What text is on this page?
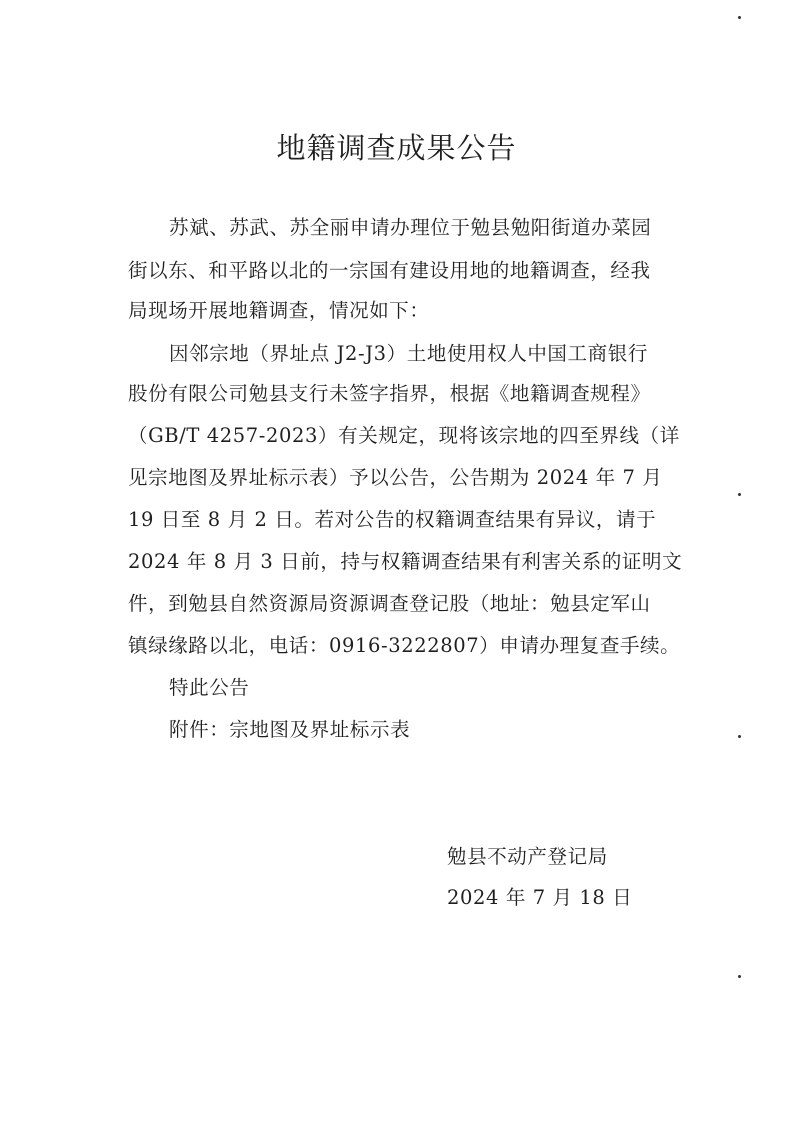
地籍调查成果公告
苏斌、苏武、苏全丽申请办理位于勉县勉阳街道办菜园
街以东、和平路以北的一宗国有建设用地的地籍调查，经我
局现场开展地籍调查，情况如下：
因邻宗地（界址点 J2-J3）土地使用权人中国工商银行
股份有限公司勉县支行未签字指界，根据《地籍调查规程》
（GB/T 4257-2023）有关规定，现将该宗地的四至界线（详
见宗地图及界址标示表）予以公告，公告期为 2024 年 7 月
19 日至 8 月 2 日。若对公告的权籍调查结果有异议，请于
2024 年 8 月 3 日前，持与权籍调查结果有利害关系的证明文
件，到勉县自然资源局资源调查登记股（地址：勉县定军山
镇绿缘路以北，电话：0916-3222807）申请办理复查手续。
特此公告
附件：宗地图及界址标示表
勉县不动产登记局
2024 年 7 月 18 日
